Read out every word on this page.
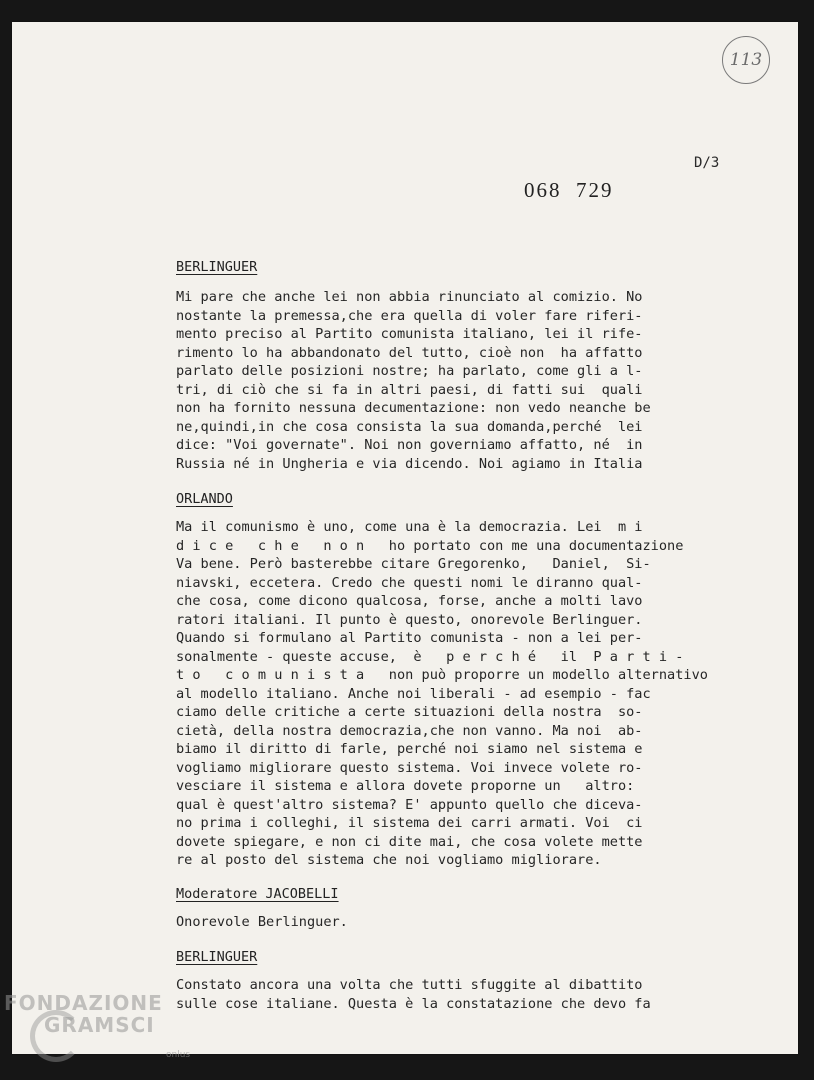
113
D/3
068  729
BERLINGUER
Mi pare che anche lei non abbia rinunciato al comizio. No
nostante la premessa,che era quella di voler fare riferi-
mento preciso al Partito comunista italiano, lei il rife-
rimento lo ha abbandonato del tutto, cioè non  ha affatto
parlato delle posizioni nostre; ha parlato, come gli a l-
tri, di ciò che si fa in altri paesi, di fatti sui  quali
non ha fornito nessuna decumentazione: non vedo neanche be
ne,quindi,in che cosa consista la sua domanda,perché  lei
dice: "Voi governate". Noi non governiamo affatto, né  in
Russia né in Ungheria e via dicendo. Noi agiamo in Italia
ORLANDO
Ma il comunismo è uno, come una è la democrazia. Lei  m i
d i c e   c h e   n o n   ho portato con me una documentazione
Va bene. Però basterebbe citare Gregorenko,   Daniel,  Si-
niavski, eccetera. Credo che questi nomi le diranno qual-
che cosa, come dicono qualcosa, forse, anche a molti lavo
ratori italiani. Il punto è questo, onorevole Berlinguer.
Quando si formulano al Partito comunista - non a lei per-
sonalmente - queste accuse,  è   p e r c h é   il  P a r t i -
t o   c o m u n i s t a   non può proporre un modello alternativo
al modello italiano. Anche noi liberali - ad esempio - fac
ciamo delle critiche a certe situazioni della nostra  so-
cietà, della nostra democrazia,che non vanno. Ma noi  ab-
biamo il diritto di farle, perché noi siamo nel sistema e
vogliamo migliorare questo sistema. Voi invece volete ro-
vesciare il sistema e allora dovete proporne un   altro:
qual è quest'altro sistema? E' appunto quello che diceva-
no prima i colleghi, il sistema dei carri armati. Voi  ci
dovete spiegare, e non ci dite mai, che cosa volete mette
re al posto del sistema che noi vogliamo migliorare.
Moderatore JACOBELLI
Onorevole Berlinguer.
BERLINGUER
Constato ancora una volta che tutti sfuggite al dibattito
sulle cose italiane. Questa è la constatazione che devo fa
FONDAZIONE
GRAMSCI
onlus
